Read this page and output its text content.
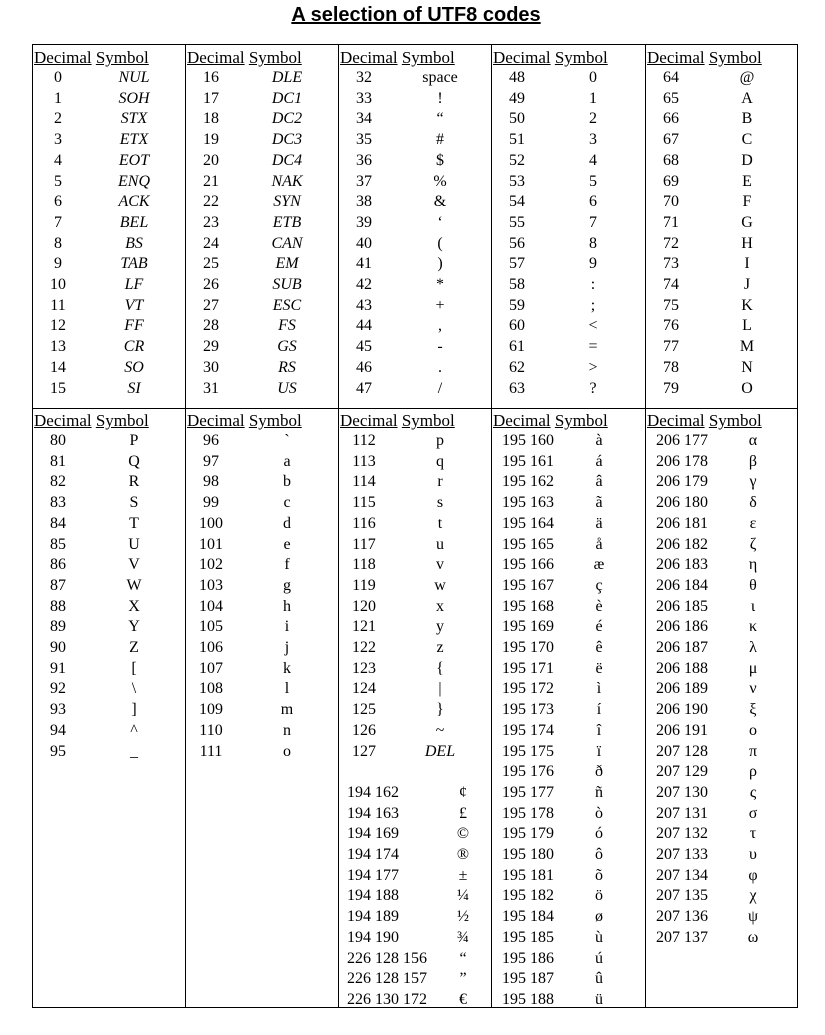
A selection of UTF8 codes
Decimal Symbol
0	NUL
1	SOH
2	STX
3	ETX
4	EOT
5	ENQ
6	ACK
7	BEL
8	BS
9	TAB
10	LF
11	VT
12	FF
13	CR
14	SO
15	SI
Decimal Symbol
16	DLE
17	DC1
18	DC2
19	DC3
20	DC4
21	NAK
22	SYN
23	ETB
24	CAN
25	EM
26	SUB
27	ESC
28	FS
29	GS
30	RS
31	US
Decimal Symbol
32	space
33	!
34	“
35	#
36	$
37	%
38	&
39	‘
40	(
41	)
42	*
43	+
44	,
45	-
46	.
47	/
Decimal Symbol
48	0
49	1
50	2
51	3
52	4
53	5
54	6
55	7
56	8
57	9
58	:
59	;
60	<
61	=
62	>
63	?
Decimal Symbol
64	@
65	A
66	B
67	C
68	D
69	E
70	F
71	G
72	H
73	I
74	J
75	K
76	L
77	M
78	N
79	O
Decimal Symbol
80	P
81	Q
82	R
83	S
84	T
85	U
86	V
87	W
88	X
89	Y
90	Z
91	[
92	\
93	]
94	^
95	_
Decimal Symbol
96	`
97	a
98	b
99	c
100	d
101	e
102	f
103	g
104	h
105	i
106	j
107	k
108	l
109	m
110	n
111	o
Decimal Symbol
112	p
113	q
114	r
115	s
116	t
117	u
118	v
119	w
120	x
121	y
122	z
123	{
124	|
125	}
126	~
127	DEL
194 162	¢
194 163	£
194 169	©
194 174	®
194 177	±
194 188	¼
194 189	½
194 190	¾
226 128 156	“
226 128 157	”
226 130 172	€
Decimal Symbol
195 160	à
195 161	á
195 162	â
195 163	ã
195 164	ä
195 165	å
195 166	æ
195 167	ç
195 168	è
195 169	é
195 170	ê
195 171	ë
195 172	ì
195 173	í
195 174	î
195 175	ï
195 176	ð
195 177	ñ
195 178	ò
195 179	ó
195 180	ô
195 181	õ
195 182	ö
195 184	ø
195 185	ù
195 186	ú
195 187	û
195 188	ü
Decimal Symbol
206 177	α
206 178	β
206 179	γ
206 180	δ
206 181	ε
206 182	ζ
206 183	η
206 184	θ
206 185	ι
206 186	κ
206 187	λ
206 188	μ
206 189	ν
206 190	ξ
206 191	ο
207 128	π
207 129	ρ
207 130	ς
207 131	σ
207 132	τ
207 133	υ
207 134	φ
207 135	χ
207 136	ψ
207 137	ω
